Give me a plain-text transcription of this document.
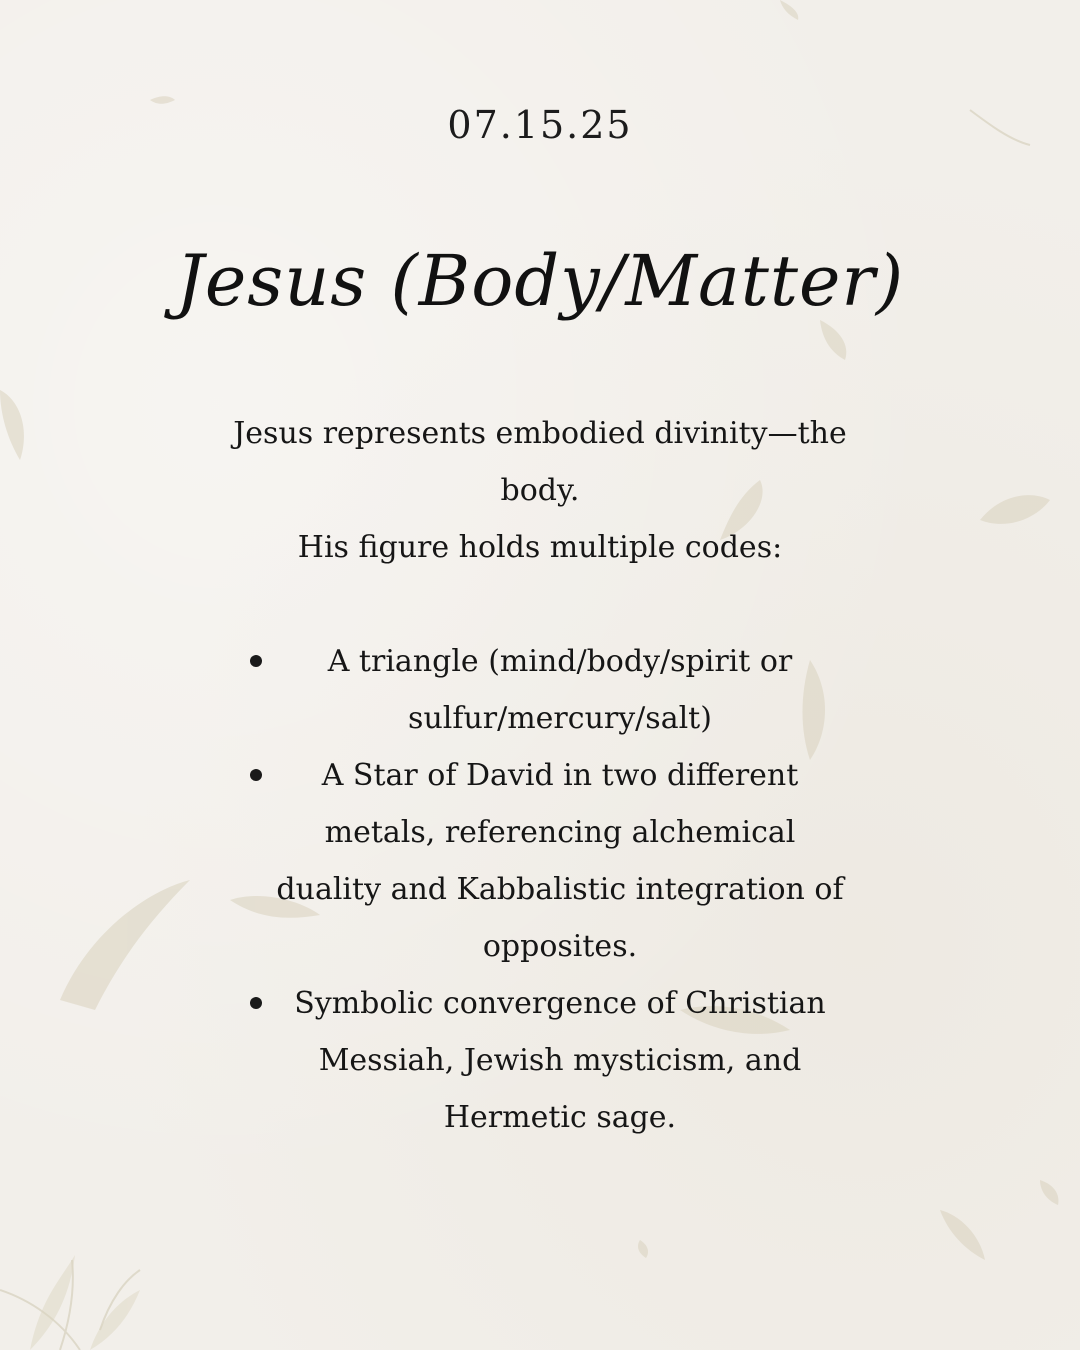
07.15.25
Jesus (Body/Matter)

Jesus represents embodied divinity—the body.
His figure holds multiple codes:

A triangle (mind/body/spirit or sulfur/mercury/salt)
A Star of David in two different metals, referencing alchemical duality and Kabbalistic integration of opposites.
Symbolic convergence of Christian Messiah, Jewish mysticism, and Hermetic sage.
